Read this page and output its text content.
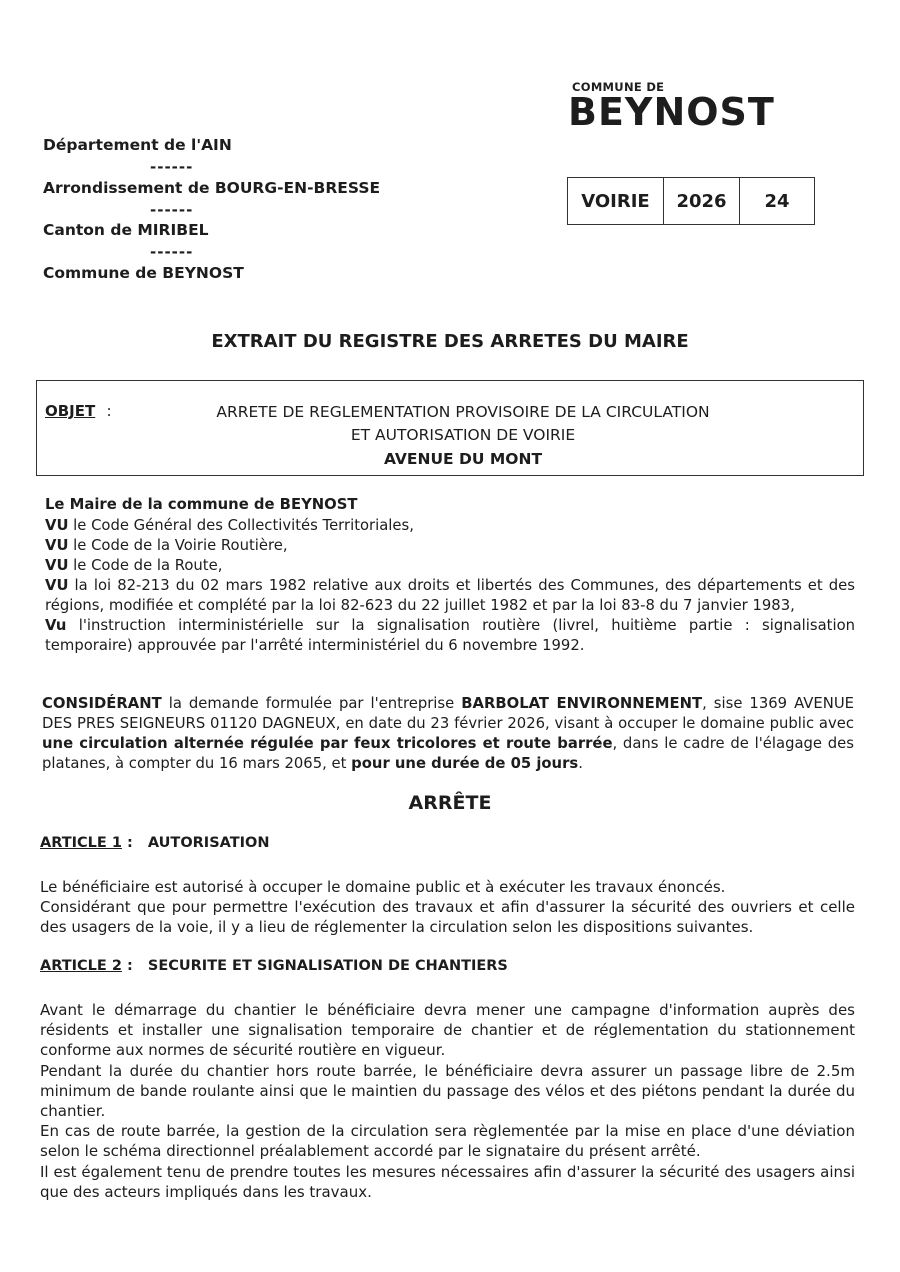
Département de l'AIN
------
Arrondissement de BOURG-EN-BRESSE
------
Canton de MIRIBEL
------
Commune de BEYNOST
COMMUNE DE
BEYNOST
VOIRIE	2026	24
EXTRAIT DU REGISTRE DES ARRETES DU MAIRE
OBJET :	ARRETE DE REGLEMENTATION PROVISOIRE DE LA CIRCULATION
ET AUTORISATION DE VOIRIE
AVENUE DU MONT
Le Maire de la commune de BEYNOST
VU le Code Général des Collectivités Territoriales,
VU le Code de la Voirie Routière,
VU le Code de la Route,
VU la loi 82-213 du 02 mars 1982 relative aux droits et libertés des Communes, des départements et des régions, modifiée et complété par la loi 82-623 du 22 juillet 1982 et par la loi 83-8 du 7 janvier 1983,
Vu l'instruction interministérielle sur la signalisation routière (livrel, huitième partie : signalisation temporaire) approuvée par l'arrêté interministériel du 6 novembre 1992.
CONSIDÉRANT la demande formulée par l'entreprise BARBOLAT ENVIRONNEMENT, sise 1369 AVENUE DES PRES SEIGNEURS 01120 DAGNEUX, en date du 23 février 2026, visant à occuper le domaine public avec une circulation alternée régulée par feux tricolores et route barrée, dans le cadre de l'élagage des platanes, à compter du 16 mars 2065, et pour une durée de 05 jours.
ARRÊTE
ARTICLE 1 : AUTORISATION
Le bénéficiaire est autorisé à occuper le domaine public et à exécuter les travaux énoncés.
Considérant que pour permettre l'exécution des travaux et afin d'assurer la sécurité des ouvriers et celle des usagers de la voie, il y a lieu de réglementer la circulation selon les dispositions suivantes.
ARTICLE 2 : SECURITE ET SIGNALISATION DE CHANTIERS
Avant le démarrage du chantier le bénéficiaire devra mener une campagne d'information auprès des résidents et installer une signalisation temporaire de chantier et de réglementation du stationnement conforme aux normes de sécurité routière en vigueur.
Pendant la durée du chantier hors route barrée, le bénéficiaire devra assurer un passage libre de 2.5m minimum de bande roulante ainsi que le maintien du passage des vélos et des piétons pendant la durée du chantier.
En cas de route barrée, la gestion de la circulation sera règlementée par la mise en place d'une déviation selon le schéma directionnel préalablement accordé par le signataire du présent arrêté.
Il est également tenu de prendre toutes les mesures nécessaires afin d'assurer la sécurité des usagers ainsi que des acteurs impliqués dans les travaux.
